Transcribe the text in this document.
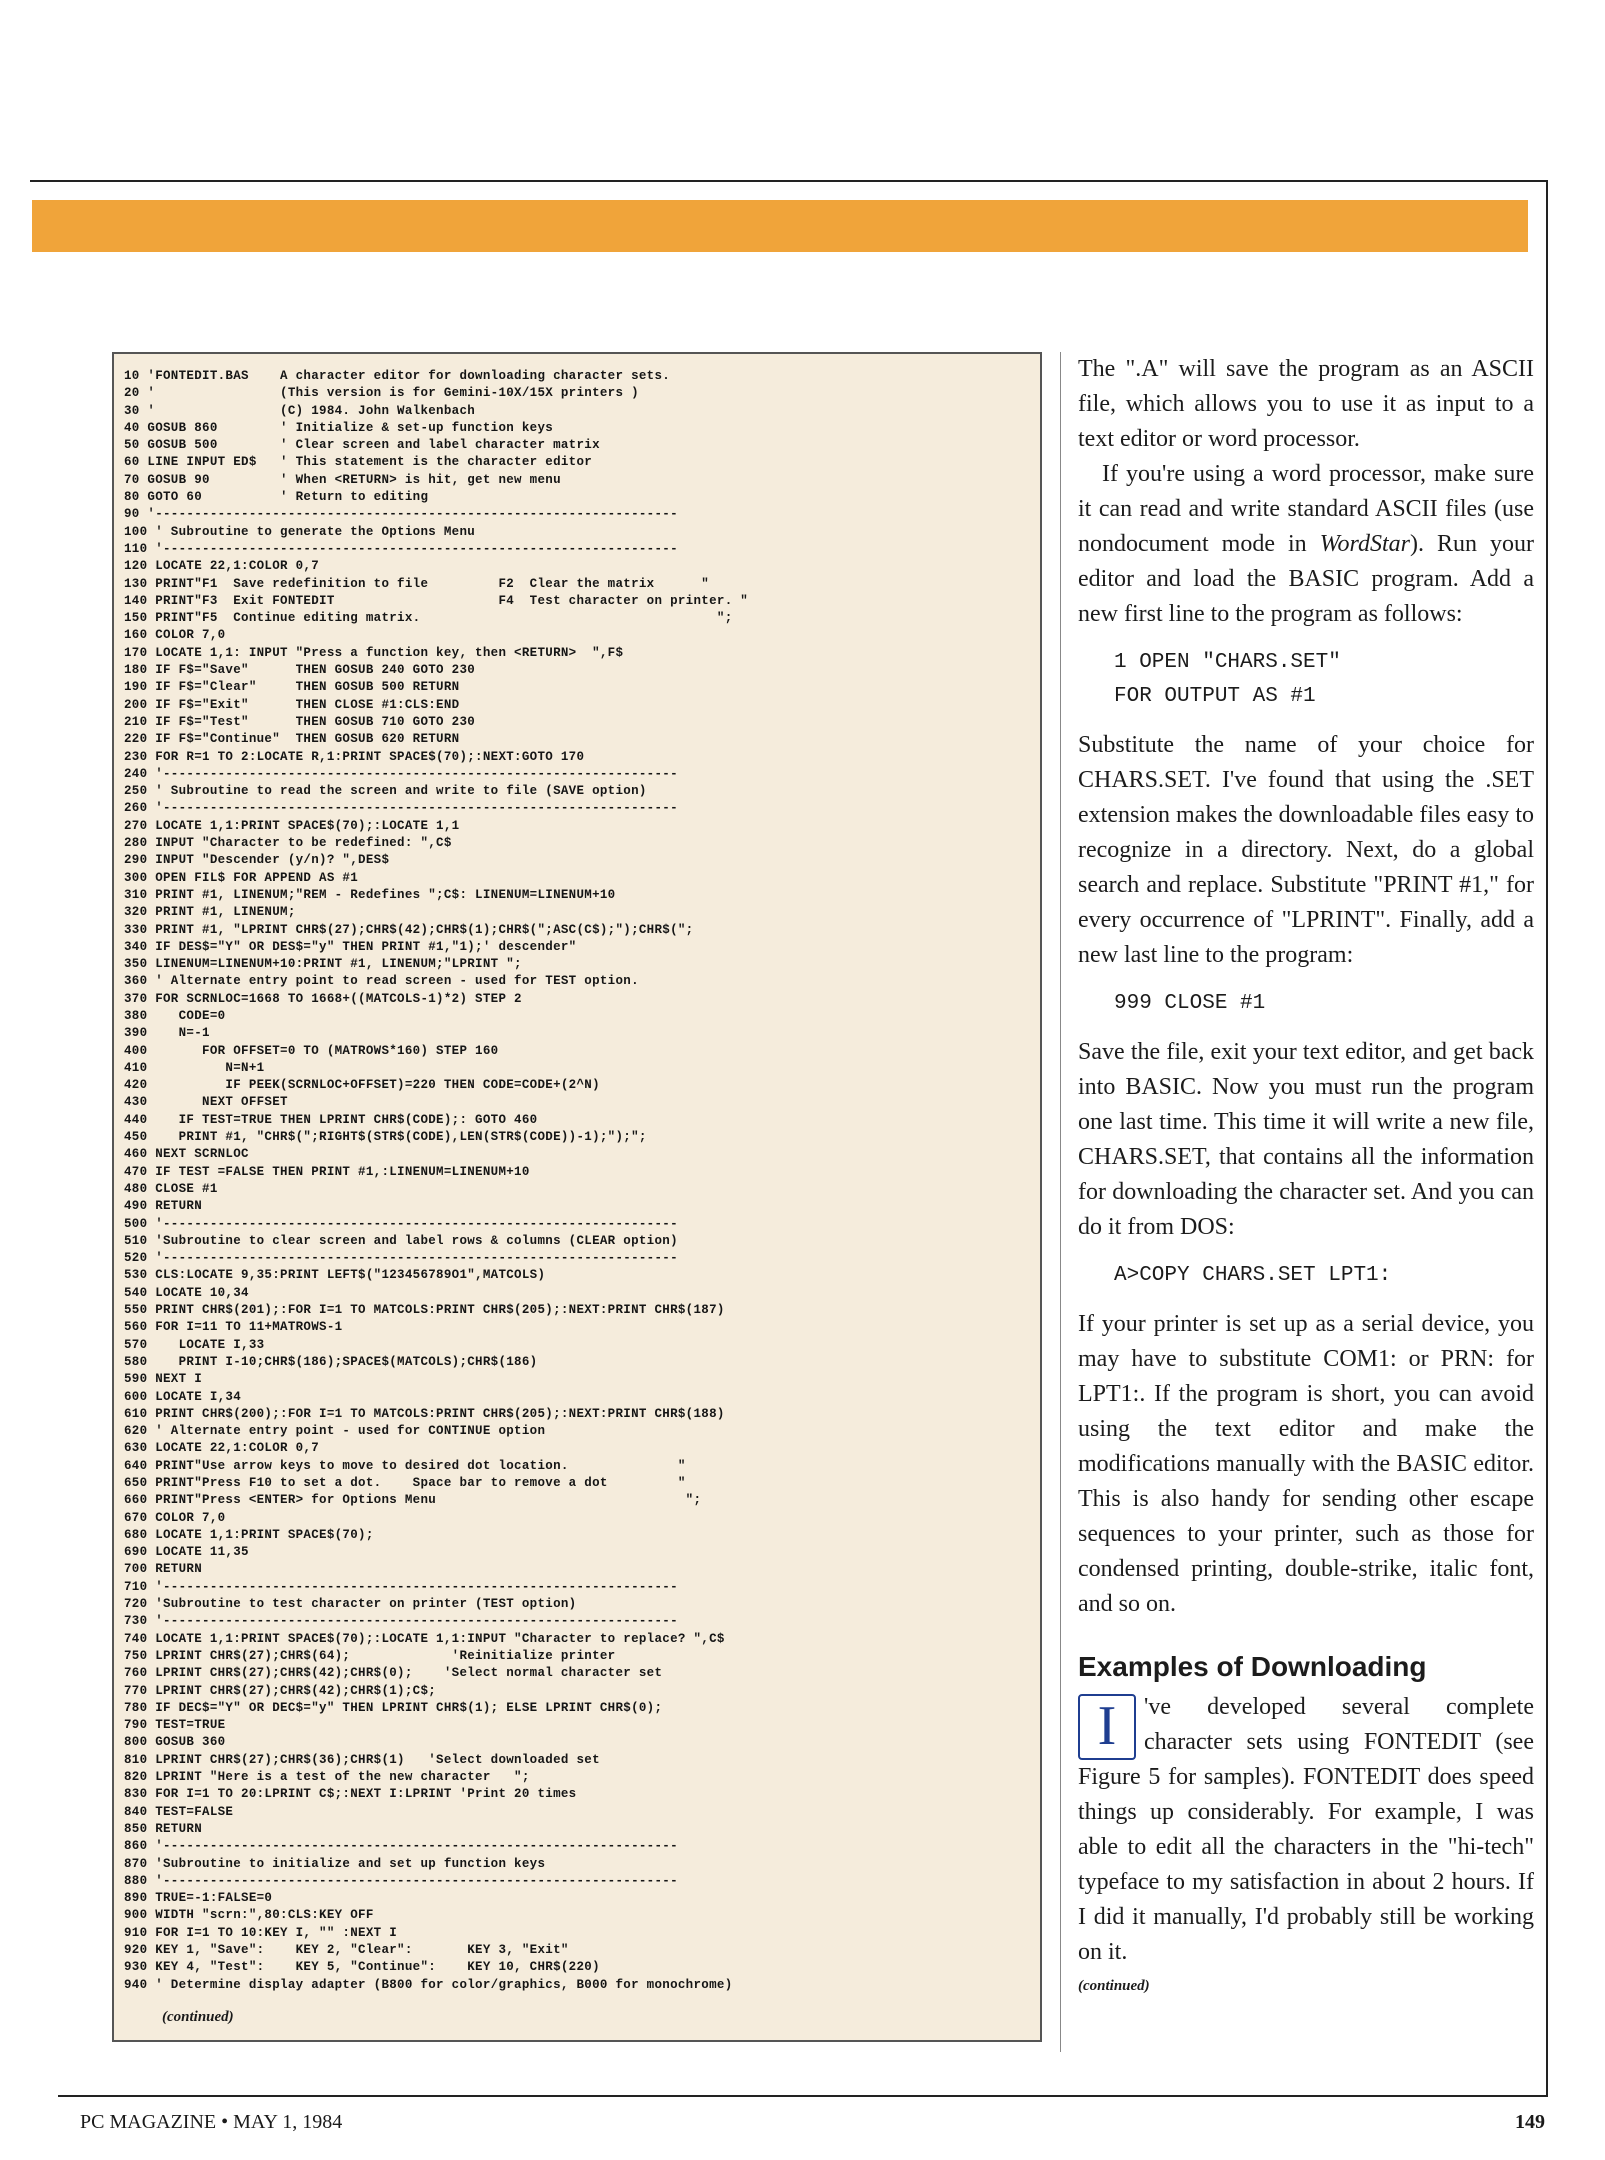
10 'FONTEDIT.BAS    A character editor for downloading character sets.
20 '                (This version is for Gemini-10X/15X printers )
30 '                (C) 1984. John Walkenbach
40 GOSUB 860        ' Initialize & set-up function keys
50 GOSUB 500        ' Clear screen and label character matrix
60 LINE INPUT ED$   ' This statement is the character editor
70 GOSUB 90         ' When <RETURN> is hit, get new menu
80 GOTO 60          ' Return to editing
90 '-------------------------------------------------------------------
100 ' Subroutine to generate the Options Menu
110 '------------------------------------------------------------------
120 LOCATE 22,1:COLOR 0,7
130 PRINT"F1  Save redefinition to file         F2  Clear the matrix      "
140 PRINT"F3  Exit FONTEDIT                     F4  Test character on printer. "
150 PRINT"F5  Continue editing matrix.                                      ";
160 COLOR 7,0
170 LOCATE 1,1: INPUT "Press a function key, then <RETURN>  ",F$
180 IF F$="Save"      THEN GOSUB 240 GOTO 230
190 IF F$="Clear"     THEN GOSUB 500 RETURN
200 IF F$="Exit"      THEN CLOSE #1:CLS:END
210 IF F$="Test"      THEN GOSUB 710 GOTO 230
220 IF F$="Continue"  THEN GOSUB 620 RETURN
230 FOR R=1 TO 2:LOCATE R,1:PRINT SPACE$(70);:NEXT:GOTO 170
240 '------------------------------------------------------------------
250 ' Subroutine to read the screen and write to file (SAVE option)
260 '------------------------------------------------------------------
270 LOCATE 1,1:PRINT SPACE$(70);:LOCATE 1,1
280 INPUT "Character to be redefined: ",C$
290 INPUT "Descender (y/n)? ",DES$
300 OPEN FIL$ FOR APPEND AS #1
310 PRINT #1, LINENUM;"REM - Redefines ";C$: LINENUM=LINENUM+10
320 PRINT #1, LINENUM;
330 PRINT #1, "LPRINT CHR$(27);CHR$(42);CHR$(1);CHR$(";ASC(C$);");CHR$(";
340 IF DES$="Y" OR DES$="y" THEN PRINT #1,"1);' descender"
350 LINENUM=LINENUM+10:PRINT #1, LINENUM;"LPRINT ";
360 ' Alternate entry point to read screen - used for TEST option.
370 FOR SCRNLOC=1668 TO 1668+((MATCOLS-1)*2) STEP 2
380    CODE=0
390    N=-1
400       FOR OFFSET=0 TO (MATROWS*160) STEP 160
410          N=N+1
420          IF PEEK(SCRNLOC+OFFSET)=220 THEN CODE=CODE+(2^N)
430       NEXT OFFSET
440    IF TEST=TRUE THEN LPRINT CHR$(CODE);: GOTO 460
450    PRINT #1, "CHR$(";RIGHT$(STR$(CODE),LEN(STR$(CODE))-1);");";
460 NEXT SCRNLOC
470 IF TEST =FALSE THEN PRINT #1,:LINENUM=LINENUM+10
480 CLOSE #1
490 RETURN
500 '------------------------------------------------------------------
510 'Subroutine to clear screen and label rows & columns (CLEAR option)
520 '------------------------------------------------------------------
530 CLS:LOCATE 9,35:PRINT LEFT$("123456789O1",MATCOLS)
540 LOCATE 10,34
550 PRINT CHR$(201);:FOR I=1 TO MATCOLS:PRINT CHR$(205);:NEXT:PRINT CHR$(187)
560 FOR I=11 TO 11+MATROWS-1
570    LOCATE I,33
580    PRINT I-10;CHR$(186);SPACE$(MATCOLS);CHR$(186)
590 NEXT I
600 LOCATE I,34
610 PRINT CHR$(200);:FOR I=1 TO MATCOLS:PRINT CHR$(205);:NEXT:PRINT CHR$(188)
620 ' Alternate entry point - used for CONTINUE option
630 LOCATE 22,1:COLOR 0,7
640 PRINT"Use arrow keys to move to desired dot location.              "
650 PRINT"Press F10 to set a dot.    Space bar to remove a dot         "
660 PRINT"Press <ENTER> for Options Menu                                ";
670 COLOR 7,0
680 LOCATE 1,1:PRINT SPACE$(70);
690 LOCATE 11,35
700 RETURN
710 '------------------------------------------------------------------
720 'Subroutine to test character on printer (TEST option)
730 '------------------------------------------------------------------
740 LOCATE 1,1:PRINT SPACE$(70);:LOCATE 1,1:INPUT "Character to replace? ",C$
750 LPRINT CHR$(27);CHR$(64);             'Reinitialize printer
760 LPRINT CHR$(27);CHR$(42);CHR$(0);    'Select normal character set
770 LPRINT CHR$(27);CHR$(42);CHR$(1);C$;
780 IF DEC$="Y" OR DEC$="y" THEN LPRINT CHR$(1); ELSE LPRINT CHR$(0);
790 TEST=TRUE
800 GOSUB 360
810 LPRINT CHR$(27);CHR$(36);CHR$(1)   'Select downloaded set
820 LPRINT "Here is a test of the new character   ";
830 FOR I=1 TO 20:LPRINT C$;:NEXT I:LPRINT 'Print 20 times
840 TEST=FALSE
850 RETURN
860 '------------------------------------------------------------------
870 'Subroutine to initialize and set up function keys
880 '------------------------------------------------------------------
890 TRUE=-1:FALSE=0
900 WIDTH "scrn:",80:CLS:KEY OFF
910 FOR I=1 TO 10:KEY I, "" :NEXT I
920 KEY 1, "Save":    KEY 2, "Clear":       KEY 3, "Exit"
930 KEY 4, "Test":    KEY 5, "Continue":    KEY 10, CHR$(220)
940 ' Determine display adapter (B800 for color/graphics, B000 for monochrome)
(continued)

The ".A" will save the program as an ASCII file, which allows you to use it as input to a text editor or word processor.

If you're using a word processor, make sure it can read and write standard ASCII files (use nondocument mode in WordStar). Run your editor and load the BASIC program. Add a new first line to the program as follows:

1 OPEN "CHARS.SET"
FOR OUTPUT AS #1

Substitute the name of your choice for CHARS.SET. I've found that using the .SET extension makes the downloadable files easy to recognize in a directory. Next, do a global search and replace. Substitute "PRINT #1," for every occurrence of "LPRINT". Finally, add a new last line to the program:

999 CLOSE #1

Save the file, exit your text editor, and get back into BASIC. Now you must run the program one last time. This time it will write a new file, CHARS.SET, that contains all the information for downloading the character set. And you can do it from DOS:

A>COPY CHARS.SET LPT1:

If your printer is set up as a serial device, you may have to substitute COM1: or PRN: for LPT1:. If the program is short, you can avoid using the text editor and make the modifications manually with the BASIC editor. This is also handy for sending other escape sequences to your printer, such as those for condensed printing, double-strike, italic font, and so on.

Examples of Downloading

I	've developed several complete character sets using FONTEDIT (see Figure 5 for samples). FONTEDIT does speed things up considerably. For example, I was able to edit all the characters in the "hi-tech" typeface to my satisfaction in about 2 hours. If I did it manually, I'd probably still be working on it.

(continued)
PC MAGAZINE • MAY 1, 1984	149
